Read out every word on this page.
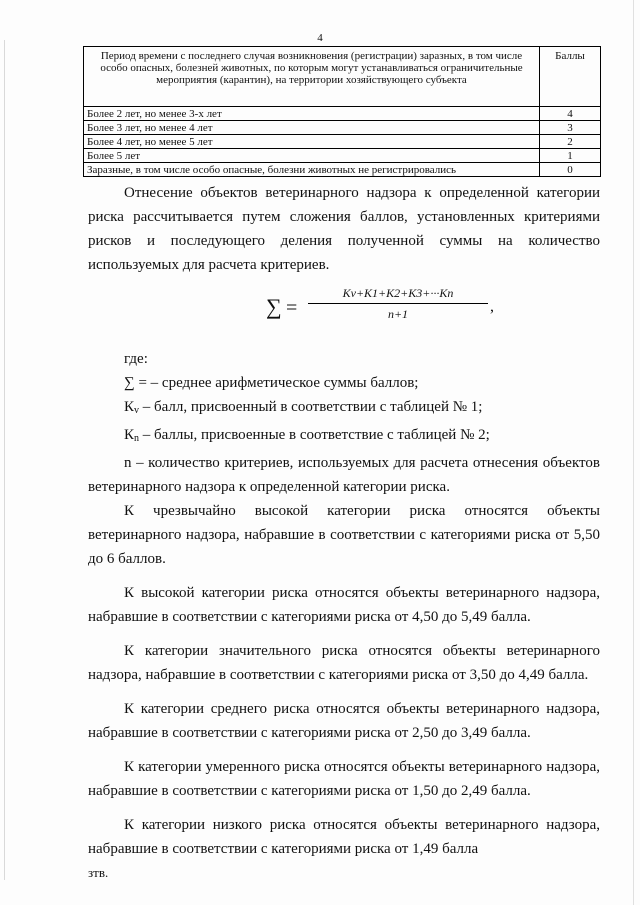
4
Период времени с последнего случая возникновения (регистрации) заразных, в том числе особо опасных, болезней животных, по которым могут устанавливаться ограничительные мероприятия (карантин), на территории хозяйствующего субъекта	Баллы
Более 2 лет, но менее 3-х лет	4
Более 3 лет, но менее 4 лет	3
Более 4 лет, но менее 5 лет	2
Более 5 лет	1
Заразные, в том числе особо опасные, болезни животных не регистрировались	0

Отнесение объектов ветеринарного надзора к определенной категории риска рассчитывается путем сложения баллов, установленных критериями рисков и последующего деления полученной суммы на количество используемых для расчета критериев.

∑ =
Kv+K1+K2+K3+···Kn
n+1	,

где:

∑ = – среднее арифметическое суммы баллов;

$К_v$ – балл, присвоенный в соответствии с таблицей № 1;

$К_n$ – баллы, присвоенные в соответствие с таблицей № 2;

n – количество критериев, используемых для расчета отнесения объектов ветеринарного надзора к определенной категории риска.

К чрезвычайно высокой категории риска относятся объекты ветеринарного надзора, набравшие в соответствии с категориями риска от 5,50 до 6 баллов.

К высокой категории риска относятся объекты ветеринарного надзора, набравшие в соответствии с категориями риска от 4,50 до 5,49 балла.

К категории значительного риска относятся объекты ветеринарного надзора, набравшие в соответствии с категориями риска от 3,50 до 4,49 балла.

К категории среднего риска относятся объекты ветеринарного надзора, набравшие в соответствии с категориями риска от 2,50 до 3,49 балла.

К категории умеренного риска относятся объекты ветеринарного надзора, набравшие в соответствии с категориями риска от 1,50 до 2,49 балла.

К категории низкого риска относятся объекты ветеринарного надзора, набравшие в соответствии с категориями риска от 1,49 балла

зтв.
